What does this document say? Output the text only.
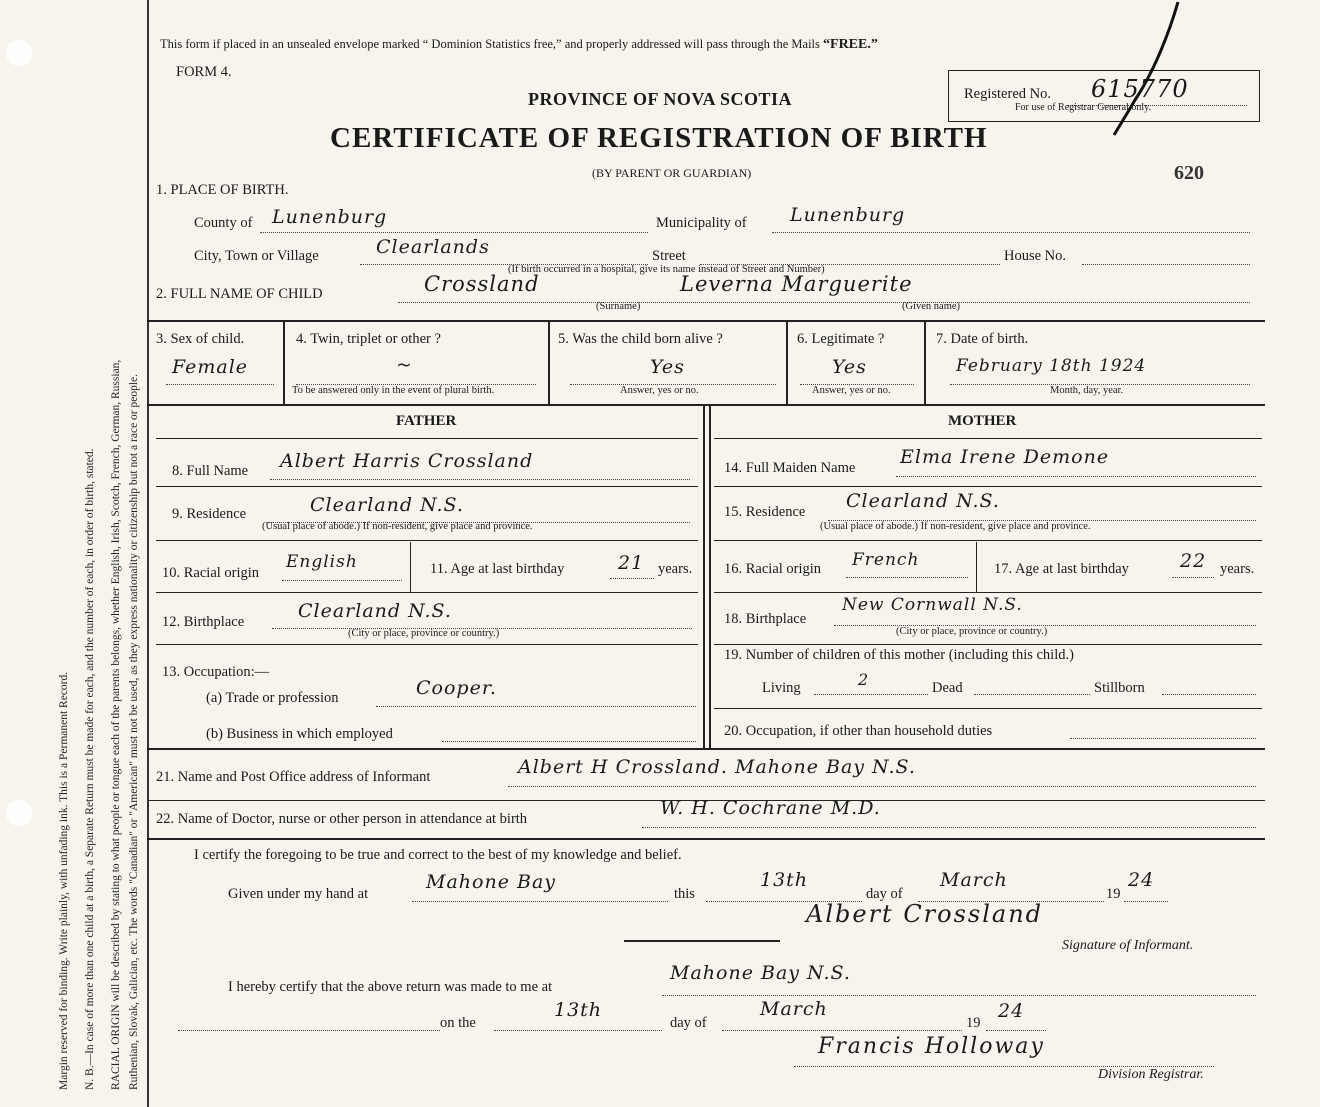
Margin reserved for binding. Write plainly, with unfading ink. This is a Permanent Record.	N. B.—In case of more than one child at a birth, a Separate Return must be made for each, and the number of each, in order of birth, stated.	RACIAL ORIGIN will be described by stating to what people or tongue each of the parents belongs, whether English, Irish, Scotch, French, German, Russian, Ruthenian, Slovak, Galician, etc. The words "Canadian" or "American" must not be used, as they express nationality or citizenship but not a race or people.
This form if placed in an unsealed envelope marked “ Dominion Statistics free,” and properly addressed will pass through the Mails “FREE.”
FORM 4.
PROVINCE OF NOVA SCOTIA
CERTIFICATE OF REGISTRATION OF BIRTH
(BY PARENT OR GUARDIAN)
Registered No.
For use of Registrar General only.
615770
620
1. PLACE OF BIRTH.
County of Lunenburg	Municipality of Lunenburg
City, Town or Village	Clearlands	Street	House No.
(If birth occurred in a hospital, give its name instead of Street and Number)
2. FULL NAME OF CHILD	Crossland	Leverna Marguerite
(Surname)	(Given name)
3. Sex of child.
Female
4. Twin, triplet or other ?
~
To be answered only in the event of plural birth.
5. Was the child born alive ?
Yes
Answer, yes or no.
6. Legitimate ?
Yes
Answer, yes or no.
7. Date of birth.
February 18th 1924
Month, day, year.
FATHER	MOTHER
8. Full Name Albert Harris Crossland
9. Residence	Clearland N.S.
(Usual place of abode.) If non-resident, give place and province.
10. Racial origin
English	11. Age at last birthday	21 years.
12. Birthplace	Clearland N.S.
(City or place, province or country.)
13. Occupation:—
(a) Trade or profession	Cooper.
(b) Business in which employed
14. Full Maiden Name Elma Irene Demone
15. Residence Clearland N.S.
(Usual place of abode.) If non-resident, give place and province.
16. Racial origin French	17. Age at last birthday	22 years.
18. Birthplace
New Cornwall N.S.
(City or place, province or country.)
19. Number of children of this mother (including this child.)
Living	2	Dead	Stillborn
20. Occupation, if other than household duties
21. Name and Post Office address of Informant	Albert H Crossland. Mahone Bay N.S.
22. Name of Doctor, nurse or other person in attendance at birth	W. H. Cochrane M.D.
I certify the foregoing to be true and correct to the best of my knowledge and belief.
Given under my hand at
Mahone Bay
this
13th
day of
March
19
24
Albert Crossland
Signature of Informant.
I hereby certify that the above return was made to me at
Mahone Bay N.S.
on the
13th
day of
March
19
24
Francis Holloway
Division Registrar.
